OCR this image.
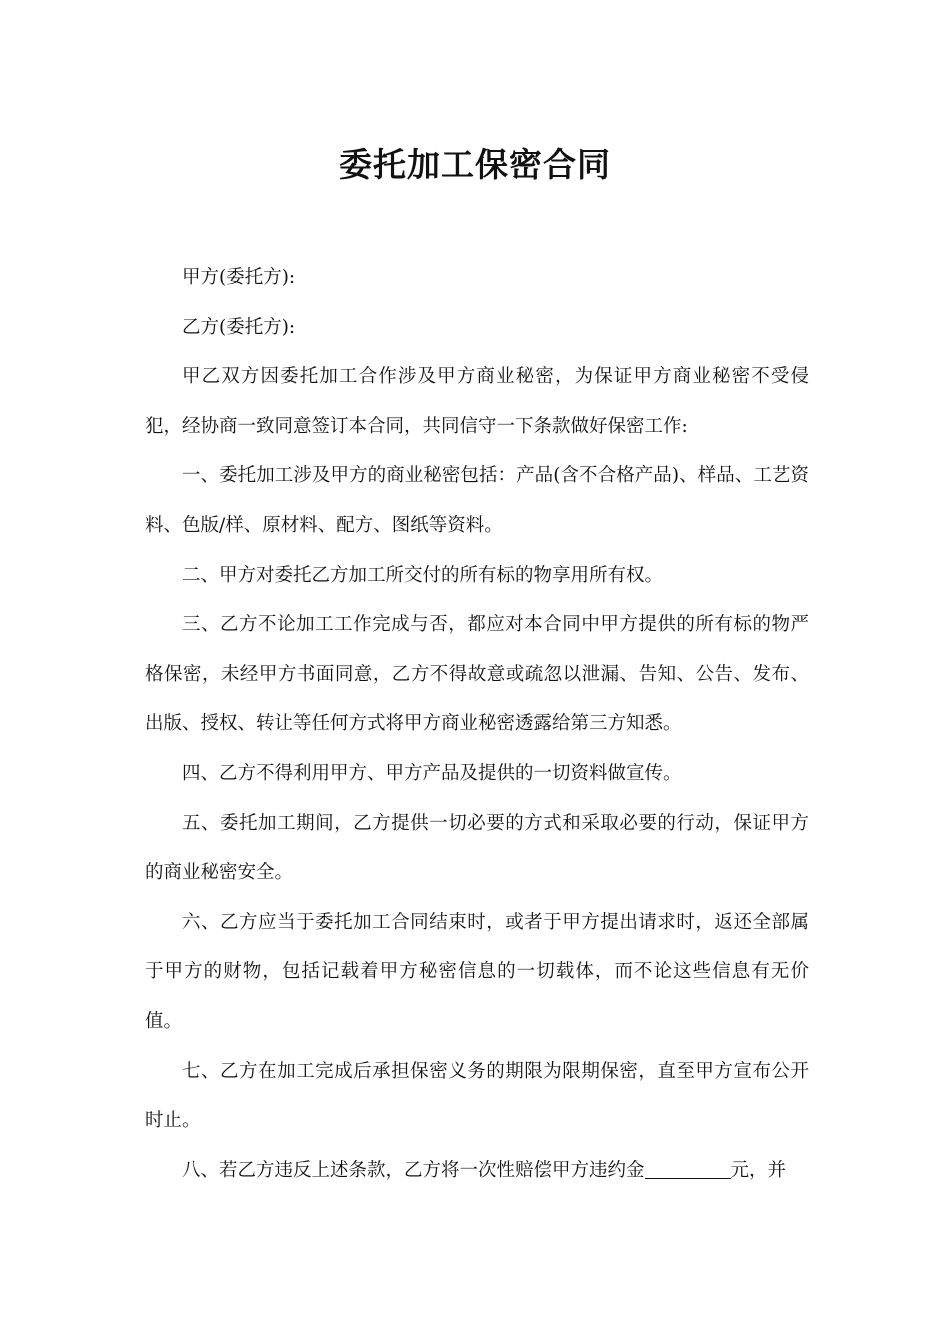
委托加工保密合同

甲方(委托方):

乙方(委托方):

甲乙双方因委托加工合作涉及甲方商业秘密，为保证甲方商业秘密不受侵犯，经协商一致同意签订本合同，共同信守一下条款做好保密工作:

一、委托加工涉及甲方的商业秘密包括：产品(含不合格产品)、样品、工艺资料、色版/样、原材料、配方、图纸等资料。

二、甲方对委托乙方加工所交付的所有标的物享用所有权。

三、乙方不论加工工作完成与否，都应对本合同中甲方提供的所有标的物严格保密，未经甲方书面同意，乙方不得故意或疏忽以泄漏、告知、公告、发布、出版、授权、转让等任何方式将甲方商业秘密透露给第三方知悉。

四、乙方不得利用甲方、甲方产品及提供的一切资料做宣传。

五、委托加工期间，乙方提供一切必要的方式和采取必要的行动，保证甲方的商业秘密安全。

六、乙方应当于委托加工合同结束时，或者于甲方提出请求时，返还全部属于甲方的财物，包括记载着甲方秘密信息的一切载体，而不论这些信息有无价值。

七、乙方在加工完成后承担保密义务的期限为限期保密，直至甲方宣布公开时止。

八、若乙方违反上述条款，乙方将一次性赔偿甲方违约金	元，并
